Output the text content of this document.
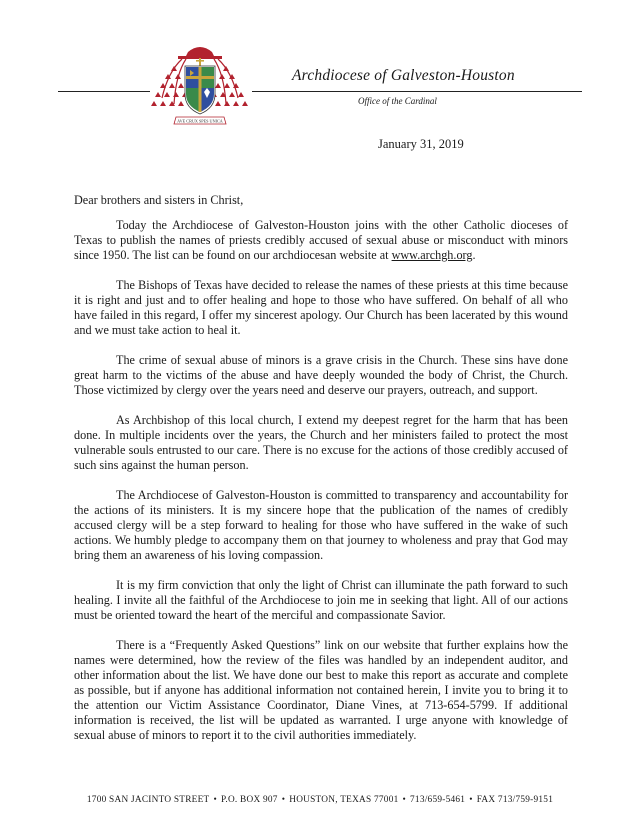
AVE CRUX SPES UNICA
Archdiocese of Galveston-Houston
Office of the Cardinal
January 31, 2019

Dear brothers and sisters in Christ,

Today the Archdiocese of Galveston-Houston joins with the other Catholic dioceses of Texas to publish the names of priests credibly accused of sexual abuse or misconduct with minors since 1950. The list can be found on our archdiocesan website at www.archgh.org.

The Bishops of Texas have decided to release the names of these priests at this time because it is right and just and to offer healing and hope to those who have suffered. On behalf of all who have failed in this regard, I offer my sincerest apology. Our Church has been lacerated by this wound and we must take action to heal it.

The crime of sexual abuse of minors is a grave crisis in the Church. These sins have done great harm to the victims of the abuse and have deeply wounded the body of Christ, the Church. Those victimized by clergy over the years need and deserve our prayers, outreach, and support.

As Archbishop of this local church, I extend my deepest regret for the harm that has been done. In multiple incidents over the years, the Church and her ministers failed to protect the most vulnerable souls entrusted to our care. There is no excuse for the actions of those credibly accused of such sins against the human person.

The Archdiocese of Galveston-Houston is committed to transparency and accountability for the actions of its ministers. It is my sincere hope that the publication of the names of credibly accused clergy will be a step forward to healing for those who have suffered in the wake of such actions. We humbly pledge to accompany them on that journey to wholeness and pray that God may bring them an awareness of his loving compassion.

It is my firm conviction that only the light of Christ can illuminate the path forward to such healing. I invite all the faithful of the Archdiocese to join me in seeking that light. All of our actions must be oriented toward the heart of the merciful and compassionate Savior.

There is a “Frequently Asked Questions” link on our website that further explains how the names were determined, how the review of the files was handled by an independent auditor, and other information about the list. We have done our best to make this report as accurate and complete as possible, but if anyone has additional information not contained herein, I invite you to bring it to the attention our Victim Assistance Coordinator, Diane Vines, at 713-654-5799. If additional information is received, the list will be updated as warranted. I urge anyone with knowledge of sexual abuse of minors to report it to the civil authorities immediately.

1700 SAN JACINTO STREET • P.O. BOX 907 • HOUSTON, TEXAS 77001 • 713/659-5461 • FAX 713/759-9151
